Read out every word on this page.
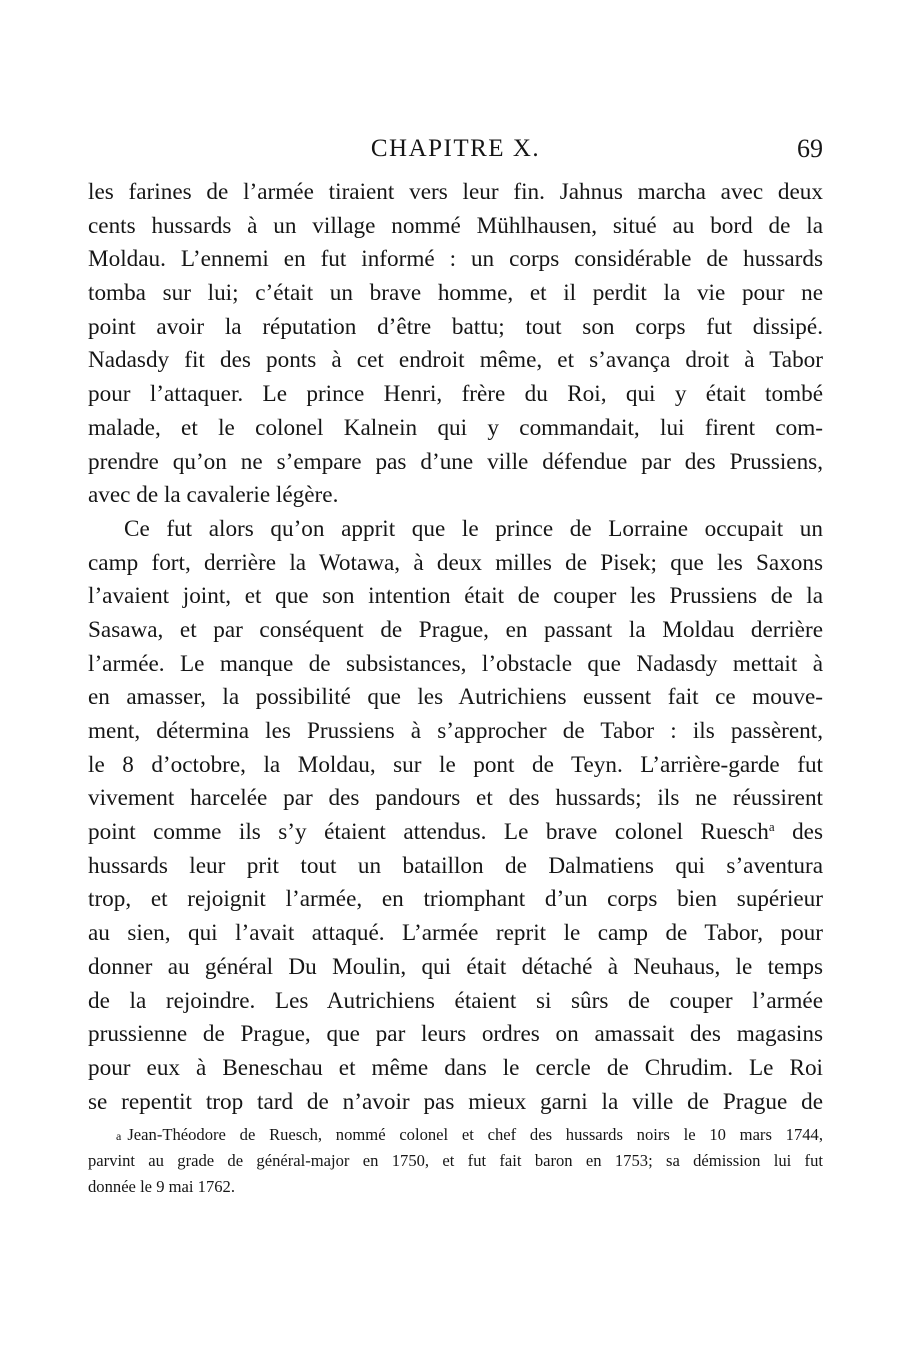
CHAPITRE X.	69
les farines de l’armée tiraient vers leur fin. Jahnus marcha avec deux
cents hussards à un village nommé Mühlhausen, situé au bord de la
Moldau. L’ennemi en fut informé : un corps considérable de hussards
tomba sur lui; c’était un brave homme, et il perdit la vie pour ne
point avoir la réputation d’être battu; tout son corps fut dissipé.
Nadasdy fit des ponts à cet endroit même, et s’avança droit à Tabor
pour l’attaquer. Le prince Henri, frère du Roi, qui y était tombé
malade, et le colonel Kalnein qui y commandait, lui firent com-
prendre qu’on ne s’empare pas d’une ville défendue par des Prussiens,
avec de la cavalerie légère.
Ce fut alors qu’on apprit que le prince de Lorraine occupait un
camp fort, derrière la Wotawa, à deux milles de Pisek; que les Saxons
l’avaient joint, et que son intention était de couper les Prussiens de la
Sasawa, et par conséquent de Prague, en passant la Moldau derrière
l’armée. Le manque de subsistances, l’obstacle que Nadasdy mettait à
en amasser, la possibilité que les Autrichiens eussent fait ce mouve-
ment, détermina les Prussiens à s’approcher de Tabor : ils passèrent,
le 8 d’octobre, la Moldau, sur le pont de Teyn. L’arrière-garde fut
vivement harcelée par des pandours et des hussards; ils ne réussirent
point comme ils s’y étaient attendus. Le brave colonel Ruesch$^a$ des
hussards leur prit tout un bataillon de Dalmatiens qui s’aventura
trop, et rejoignit l’armée, en triomphant d’un corps bien supérieur
au sien, qui l’avait attaqué. L’armée reprit le camp de Tabor, pour
donner au général Du Moulin, qui était détaché à Neuhaus, le temps
de la rejoindre. Les Autrichiens étaient si sûrs de couper l’armée
prussienne de Prague, que par leurs ordres on amassait des magasins
pour eux à Beneschau et même dans le cercle de Chrudim. Le Roi
se repentit trop tard de n’avoir pas mieux garni la ville de Prague de
a Jean-Théodore de Ruesch, nommé colonel et chef des hussards noirs le 10 mars 1744,
parvint au grade de général-major en 1750, et fut fait baron en 1753; sa démission lui fut
donnée le 9 mai 1762.
